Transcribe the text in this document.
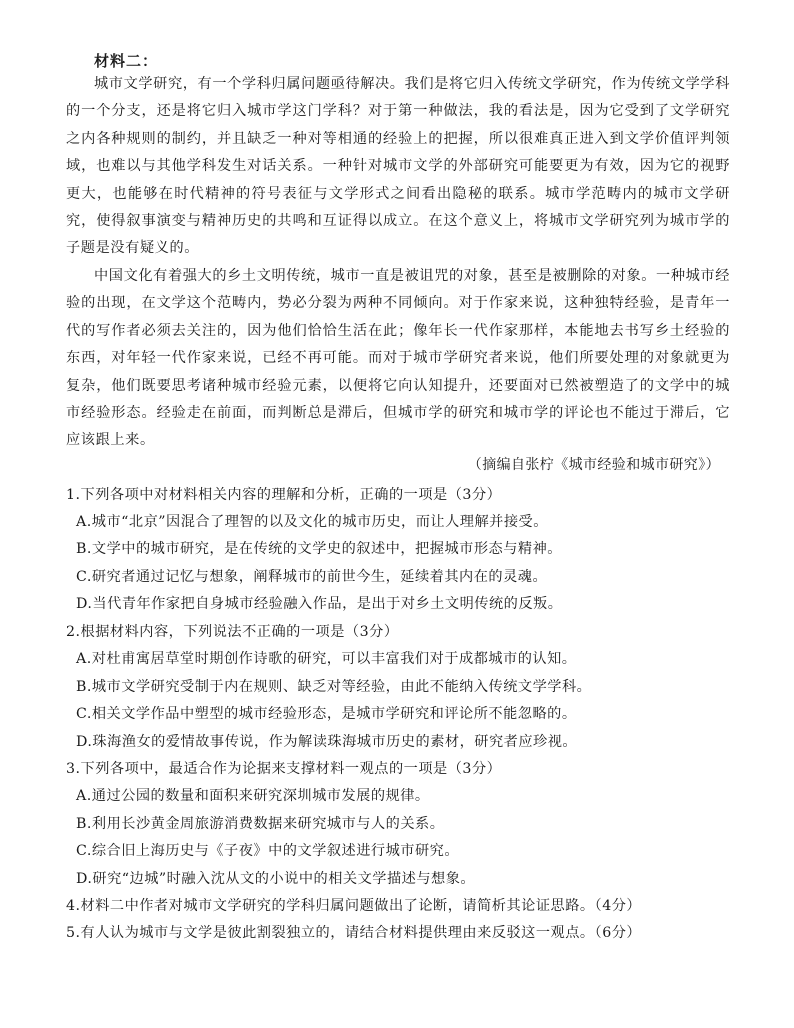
材料二：

城市文学研究，有一个学科归属问题亟待解决。我们是将它归入传统文学研究，作为传统文学学科的一个分支，还是将它归入城市学这门学科？对于第一种做法，我的看法是，因为它受到了文学研究之内各种规则的制约，并且缺乏一种对等相通的经验上的把握，所以很难真正进入到文学价值评判领域，也难以与其他学科发生对话关系。一种针对城市文学的外部研究可能要更为有效，因为它的视野更大，也能够在时代精神的符号表征与文学形式之间看出隐秘的联系。城市学范畴内的城市文学研究，使得叙事演变与精神历史的共鸣和互证得以成立。在这个意义上，将城市文学研究列为城市学的子题是没有疑义的。

中国文化有着强大的乡土文明传统，城市一直是被诅咒的对象，甚至是被删除的对象。一种城市经验的出现，在文学这个范畴内，势必分裂为两种不同倾向。对于作家来说，这种独特经验，是青年一代的写作者必须去关注的，因为他们恰恰生活在此；像年长一代作家那样，本能地去书写乡土经验的东西，对年轻一代作家来说，已经不再可能。而对于城市学研究者来说，他们所要处理的对象就更为复杂，他们既要思考诸种城市经验元素，以便将它向认知提升，还要面对已然被塑造了的文学中的城市经验形态。经验走在前面，而判断总是滞后，但城市学的研究和城市学的评论也不能过于滞后，它应该跟上来。

（摘编自张柠《城市经验和城市研究》）
1.下列各项中对材料相关内容的理解和分析，正确的一项是（3分）
A.城市“北京”因混合了理智的以及文化的城市历史，而让人理解并接受。
B.文学中的城市研究，是在传统的文学史的叙述中，把握城市形态与精神。
C.研究者通过记忆与想象，阐释城市的前世今生，延续着其内在的灵魂。
D.当代青年作家把自身城市经验融入作品，是出于对乡土文明传统的反叛。
2.根据材料内容，下列说法不正确的一项是（3分）
A.对杜甫寓居草堂时期创作诗歌的研究，可以丰富我们对于成都城市的认知。
B.城市文学研究受制于内在规则、缺乏对等经验，由此不能纳入传统文学学科。
C.相关文学作品中塑型的城市经验形态，是城市学研究和评论所不能忽略的。
D.珠海渔女的爱情故事传说，作为解读珠海城市历史的素材，研究者应珍视。
3.下列各项中，最适合作为论据来支撑材料一观点的一项是（3分）
A.通过公园的数量和面积来研究深圳城市发展的规律。
B.利用长沙黄金周旅游消费数据来研究城市与人的关系。
C.综合旧上海历史与《子夜》中的文学叙述进行城市研究。
D.研究“边城”时融入沈从文的小说中的相关文学描述与想象。
4.材料二中作者对城市文学研究的学科归属问题做出了论断，请简析其论证思路。（4分）
5.有人认为城市与文学是彼此割裂独立的，请结合材料提供理由来反驳这一观点。（6分）
